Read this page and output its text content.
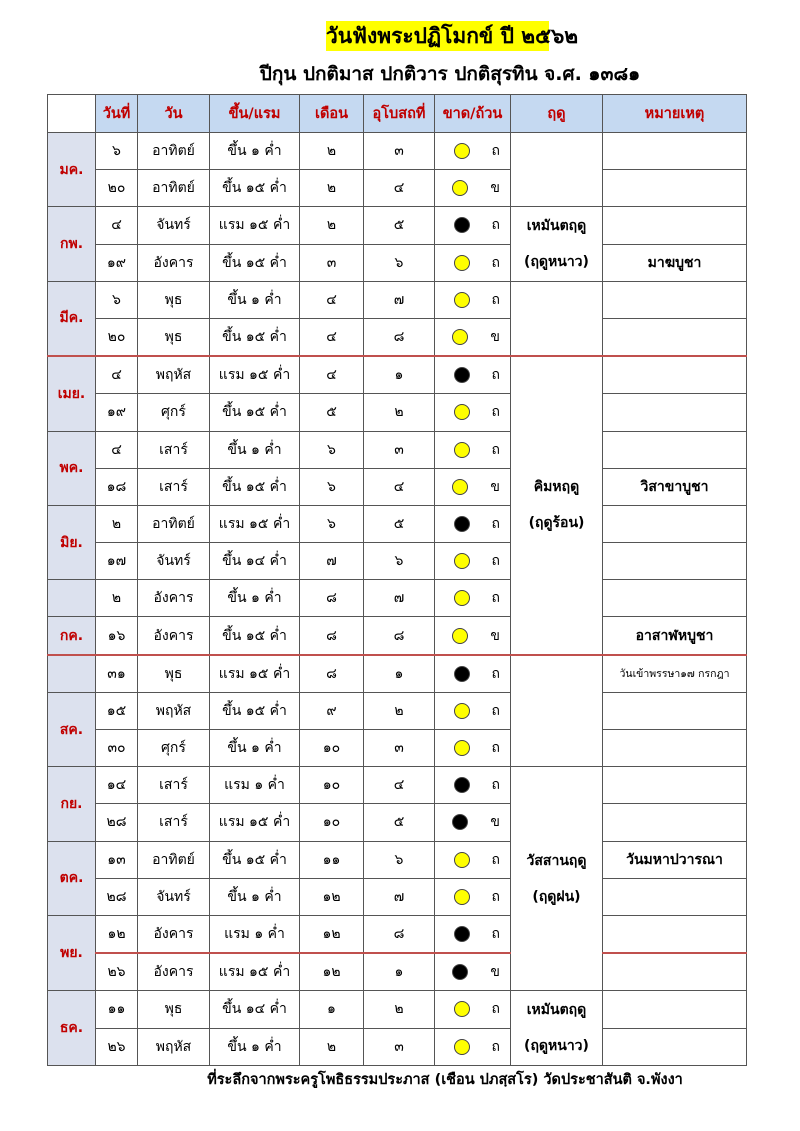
วันฟังพระปฏิโมกข์ ปี ๒๕๖๒
ปีกุน ปกติมาส ปกติวาร ปกติสุรทิน จ.ศ. ๑๓๘๑
	วันที่	วัน	ขึ้น/แรม	เดือน	อุโบสถที่	ขาด/ถ้วน	ฤดู	หมายเหตุ
มค.	๖	อาทิตย์	ขึ้น ๑ ค่ำ	๒	๓	ถ		

	๒๐	อาทิตย์	ขึ้น ๑๕ ค่ำ	๒	๔	ข		

กพ.	๔	จันทร์	แรม ๑๕ ค่ำ	๒	๕	ถ	เหมันตฤดู
(ฤดูหนาว)	

	๑๙	อังคาร	ขึ้น ๑๕ ค่ำ	๓	๖	ถ		มาฆบูชา
มีค.	๖	พุธ	ขึ้น ๑ ค่ำ	๔	๗	ถ		

	๒๐	พุธ	ขึ้น ๑๕ ค่ำ	๔	๘	ข		

เมย.	๔	พฤหัส	แรม ๑๕ ค่ำ	๔	๑	ถ	คิมหฤดู
(ฤดูร้อน)	

	๑๙	ศุกร์	ขึ้น ๑๕ ค่ำ	๕	๒	ถ		

พค.	๔	เสาร์	ขึ้น ๑ ค่ำ	๖	๓	ถ		

	๑๘	เสาร์	ขึ้น ๑๕ ค่ำ	๖	๔	ข		วิสาขาบูชา
มิย.	๒	อาทิตย์	แรม ๑๕ ค่ำ	๖	๕	ถ		

	๑๗	จันทร์	ขึ้น ๑๔ ค่ำ	๗	๖	ถ		

	๒	อังคาร	ขึ้น ๑ ค่ำ	๘	๗	ถ		

กค.	๑๖	อังคาร	ขึ้น ๑๕ ค่ำ	๘	๘	ข		อาสาฬหบูชา
	๓๑	พุธ	แรม ๑๕ ค่ำ	๘	๑	ถ		วันเข้าพรรษา๑๗ กรกฎา
สค.	๑๕	พฤหัส	ขึ้น ๑๕ ค่ำ	๙	๒	ถ		

	๓๐	ศุกร์	ขึ้น ๑ ค่ำ	๑๐	๓	ถ		

กย.	๑๔	เสาร์	แรม ๑ ค่ำ	๑๐	๔	ถ	วัสสานฤดู
(ฤดูฝน)	

	๒๘	เสาร์	แรม ๑๕ ค่ำ	๑๐	๕	ข		

ตค.	๑๓	อาทิตย์	ขึ้น ๑๕ ค่ำ	๑๑	๖	ถ		วันมหาปวารณา
	๒๘	จันทร์	ขึ้น ๑ ค่ำ	๑๒	๗	ถ		

พย.	๑๒	อังคาร	แรม ๑ ค่ำ	๑๒	๘	ถ		

	๒๖	อังคาร	แรม ๑๕ ค่ำ	๑๒	๑	ข		

ธค.	๑๑	พุธ	ขึ้น ๑๔ ค่ำ	๑	๒	ถ	เหมันตฤดู
(ฤดูหนาว)	

	๒๖	พฤหัส	ขึ้น ๑ ค่ำ	๒	๓	ถ		

ที่ระลึกจากพระครูโพธิธรรมประภาส (เชือน ปภสฺสโร) วัดประชาสันติ จ.พังงา
